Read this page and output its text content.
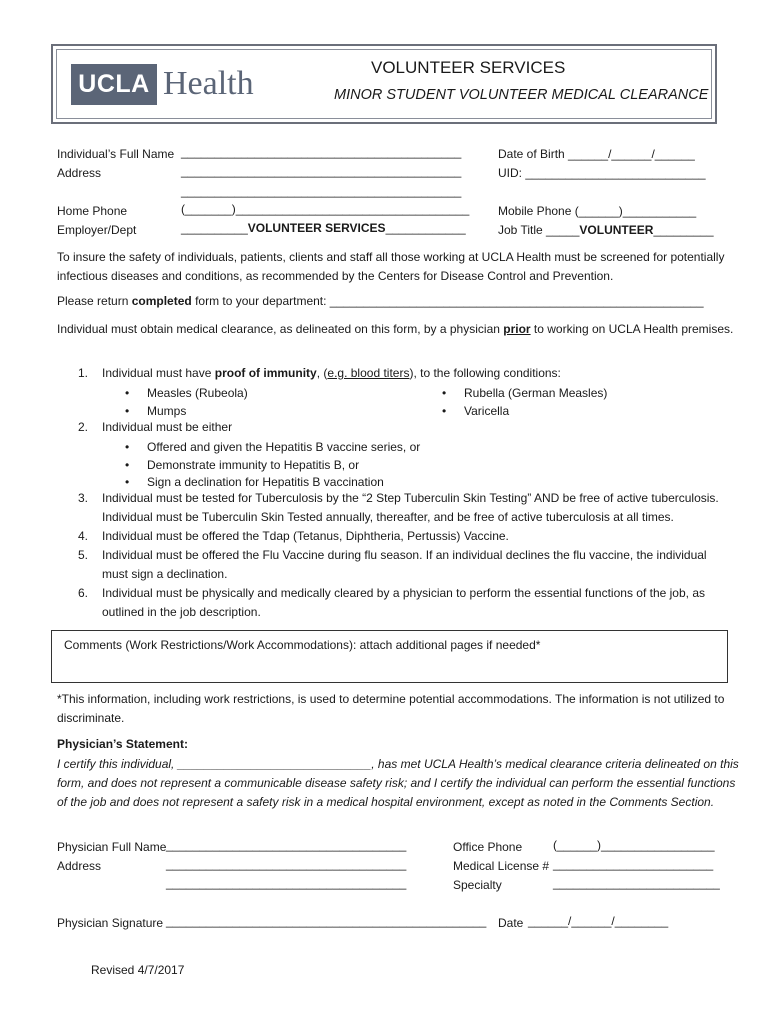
UCLA Health	VOLUNTEER SERVICES
MINOR STUDENT VOLUNTEER MEDICAL CLEARANCE
Individual’s Full Name __________________________________________
Address	__________________________________________
__________________________________________
Home Phone	(_______)___________________________________
Employer/Dept	__________VOLUNTEER SERVICES____________
Date of Birth ______/______/______
UID: ___________________________
Mobile Phone (______)___________
Job Title _____VOLUNTEER_________
To insure the safety of individuals, patients, clients and staff all those working at UCLA Health must be screened for potentially infectious diseases and conditions, as recommended by the Centers for Disease Control and Prevention.
Please return completed form to your department: ________________________________________________________
Individual must obtain medical clearance, as delineated on this form, by a physician prior to working on UCLA Health premises.
1. Individual must have proof of immunity, (e.g. blood titers), to the following conditions:
• Measles (Rubeola)
• Mumps
• Rubella (German Measles)
• Varicella
2. Individual must be either
• Offered and given the Hepatitis B vaccine series, or
• Demonstrate immunity to Hepatitis B, or
• Sign a declination for Hepatitis B vaccination
3. Individual must be tested for Tuberculosis by the “2 Step Tuberculin Skin Testing” AND be free of active tuberculosis.
Individual must be Tuberculin Skin Tested annually, thereafter, and be free of active tuberculosis at all times.
4. Individual must be offered the Tdap (Tetanus, Diphtheria, Pertussis) Vaccine.
5. Individual must be offered the Flu Vaccine during flu season. If an individual declines the flu vaccine, the individual
must sign a declination.
6. Individual must be physically and medically cleared by a physician to perform the essential functions of the job, as
outlined in the job description.
Comments (Work Restrictions/Work Accommodations): attach additional pages if needed*
*This information, including work restrictions, is used to determine potential accommodations. The information is not utilized to discriminate.
Physician’s Statement:
I certify this individual, _____________________________, has met UCLA Health’s medical clearance criteria delineated on this form, and does not represent a communicable disease safety risk; and I certify the individual can perform the essential functions of the job and does not represent a safety risk in a medical hospital environment, except as noted in the Comments Section.
Physician Full Name ____________________________________
Address	____________________________________
____________________________________
Office Phone	(______)_________________
Medical License # ________________________
Specialty	_________________________
Physician Signature ________________________________________________ Date ______/______/________
Revised 4/7/2017
